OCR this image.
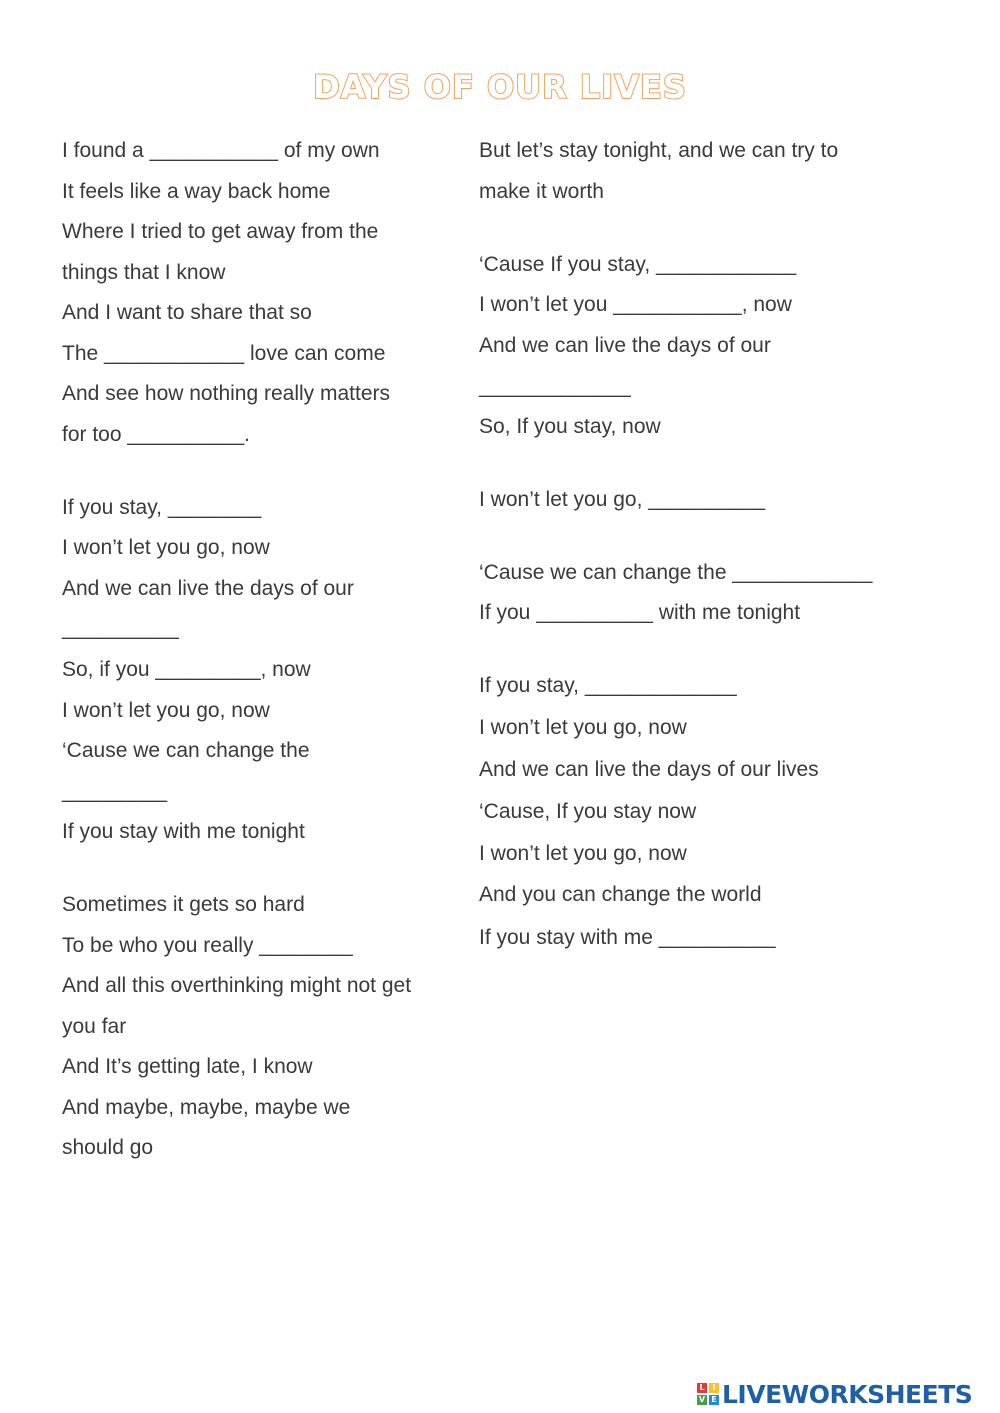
DAYS OF OUR LIVES
I found a ___________ of my own
It feels like a way back home
Where I tried to get away from the
things that I know
And I want to share that so
The ____________ love can come
And see how nothing really matters
for too __________.
If you stay, ________
I won’t let you go, now
And we can live the days of our
__________
So, if you _________, now
I won’t let you go, now
‘Cause we can change the
_________
If you stay with me tonight
Sometimes it gets so hard
To be who you really ________
And all this overthinking might not get
you far
And It’s getting late, I know
And maybe, maybe, maybe we
should go
But let’s stay tonight, and we can try to
make it worth
‘Cause If you stay, ____________
I won’t let you ___________, now
And we can live the days of our
_____________
So, If you stay, now
I won’t let you go, __________
‘Cause we can change the ____________
If you __________ with me tonight
If you stay, _____________
I won’t let you go, now
And we can live the days of our lives
‘Cause, If you stay now
I won’t let you go, now
And you can change the world
If you stay with me __________
L I
V E LIVEWORKSHEETS
